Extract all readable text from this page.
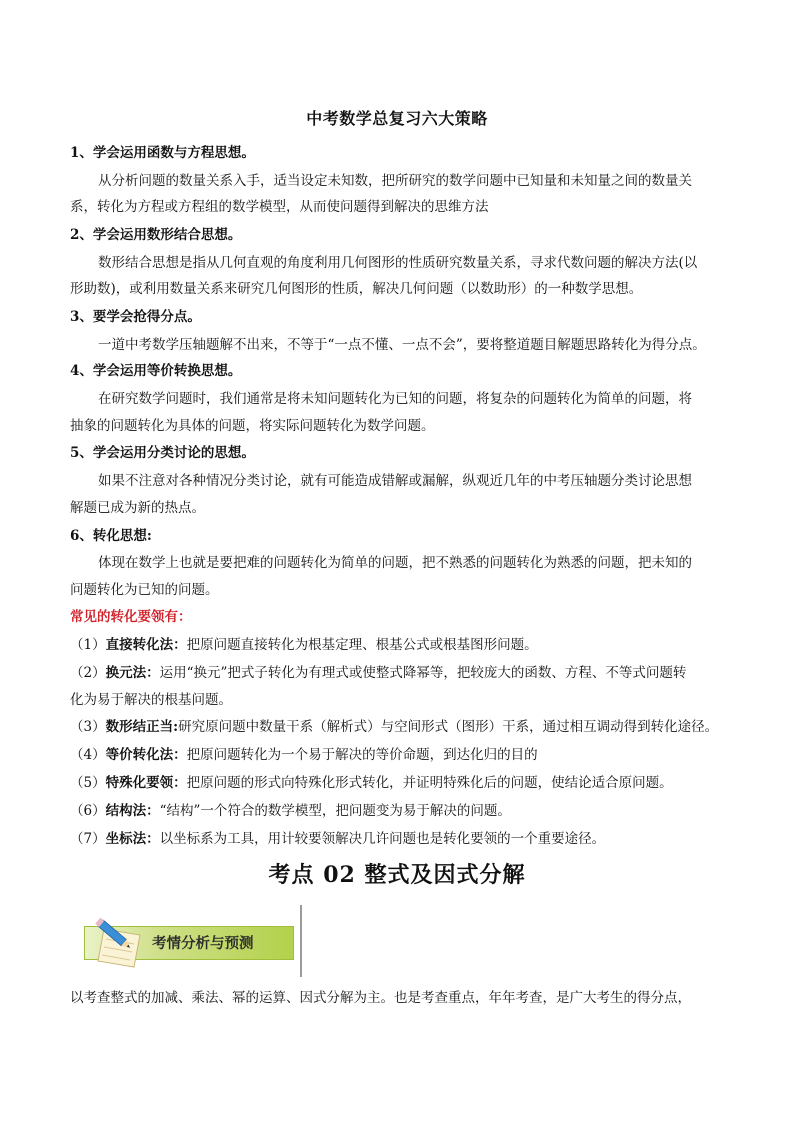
中考数学总复习六大策略
1、学会运用函数与方程思想。
从分析问题的数量关系入手，适当设定未知数，把所研究的数学问题中已知量和未知量之间的数量关
系，转化为方程或方程组的数学模型，从而使问题得到解决的思维方法
2、学会运用数形结合思想。
数形结合思想是指从几何直观的角度利用几何图形的性质研究数量关系，寻求代数问题的解决方法(以
形助数)，或利用数量关系来研究几何图形的性质，解决几何问题（以数助形）的一种数学思想。
3、要学会抢得分点。
一道中考数学压轴题解不出来，不等于“一点不懂、一点不会”，要将整道题目解题思路转化为得分点。
4、学会运用等价转换思想。
在研究数学问题时，我们通常是将未知问题转化为已知的问题，将复杂的问题转化为简单的问题，将
抽象的问题转化为具体的问题，将实际问题转化为数学问题。
5、学会运用分类讨论的思想。
如果不注意对各种情况分类讨论，就有可能造成错解或漏解，纵观近几年的中考压轴题分类讨论思想
解题已成为新的热点。
6、转化思想:
体现在数学上也就是要把难的问题转化为简单的问题，把不熟悉的问题转化为熟悉的问题，把未知的
问题转化为已知的问题。
常见的转化要领有：
（1）直接转化法：把原问题直接转化为根基定理、根基公式或根基图形问题。
（2）换元法：运用“换元”把式子转化为有理式或使整式降幂等，把较庞大的函数、方程、不等式问题转
化为易于解决的根基问题。
（3）数形结正当:研究原问题中数量干系（解析式）与空间形式（图形）干系，通过相互调动得到转化途径。
（4）等价转化法：把原问题转化为一个易于解决的等价命题，到达化归的目的
（5）特殊化要领：把原问题的形式向特殊化形式转化，并证明特殊化后的问题，使结论适合原问题。
（6）结构法：“结构”一个符合的数学模型，把问题变为易于解决的问题。
（7）坐标法：以坐标系为工具，用计较要领解决几许问题也是转化要领的一个重要途径。
考点 02 整式及因式分解
考情分析与预测
以考查整式的加减、乘法、幂的运算、因式分解为主。也是考查重点，年年考查，是广大考生的得分点，
